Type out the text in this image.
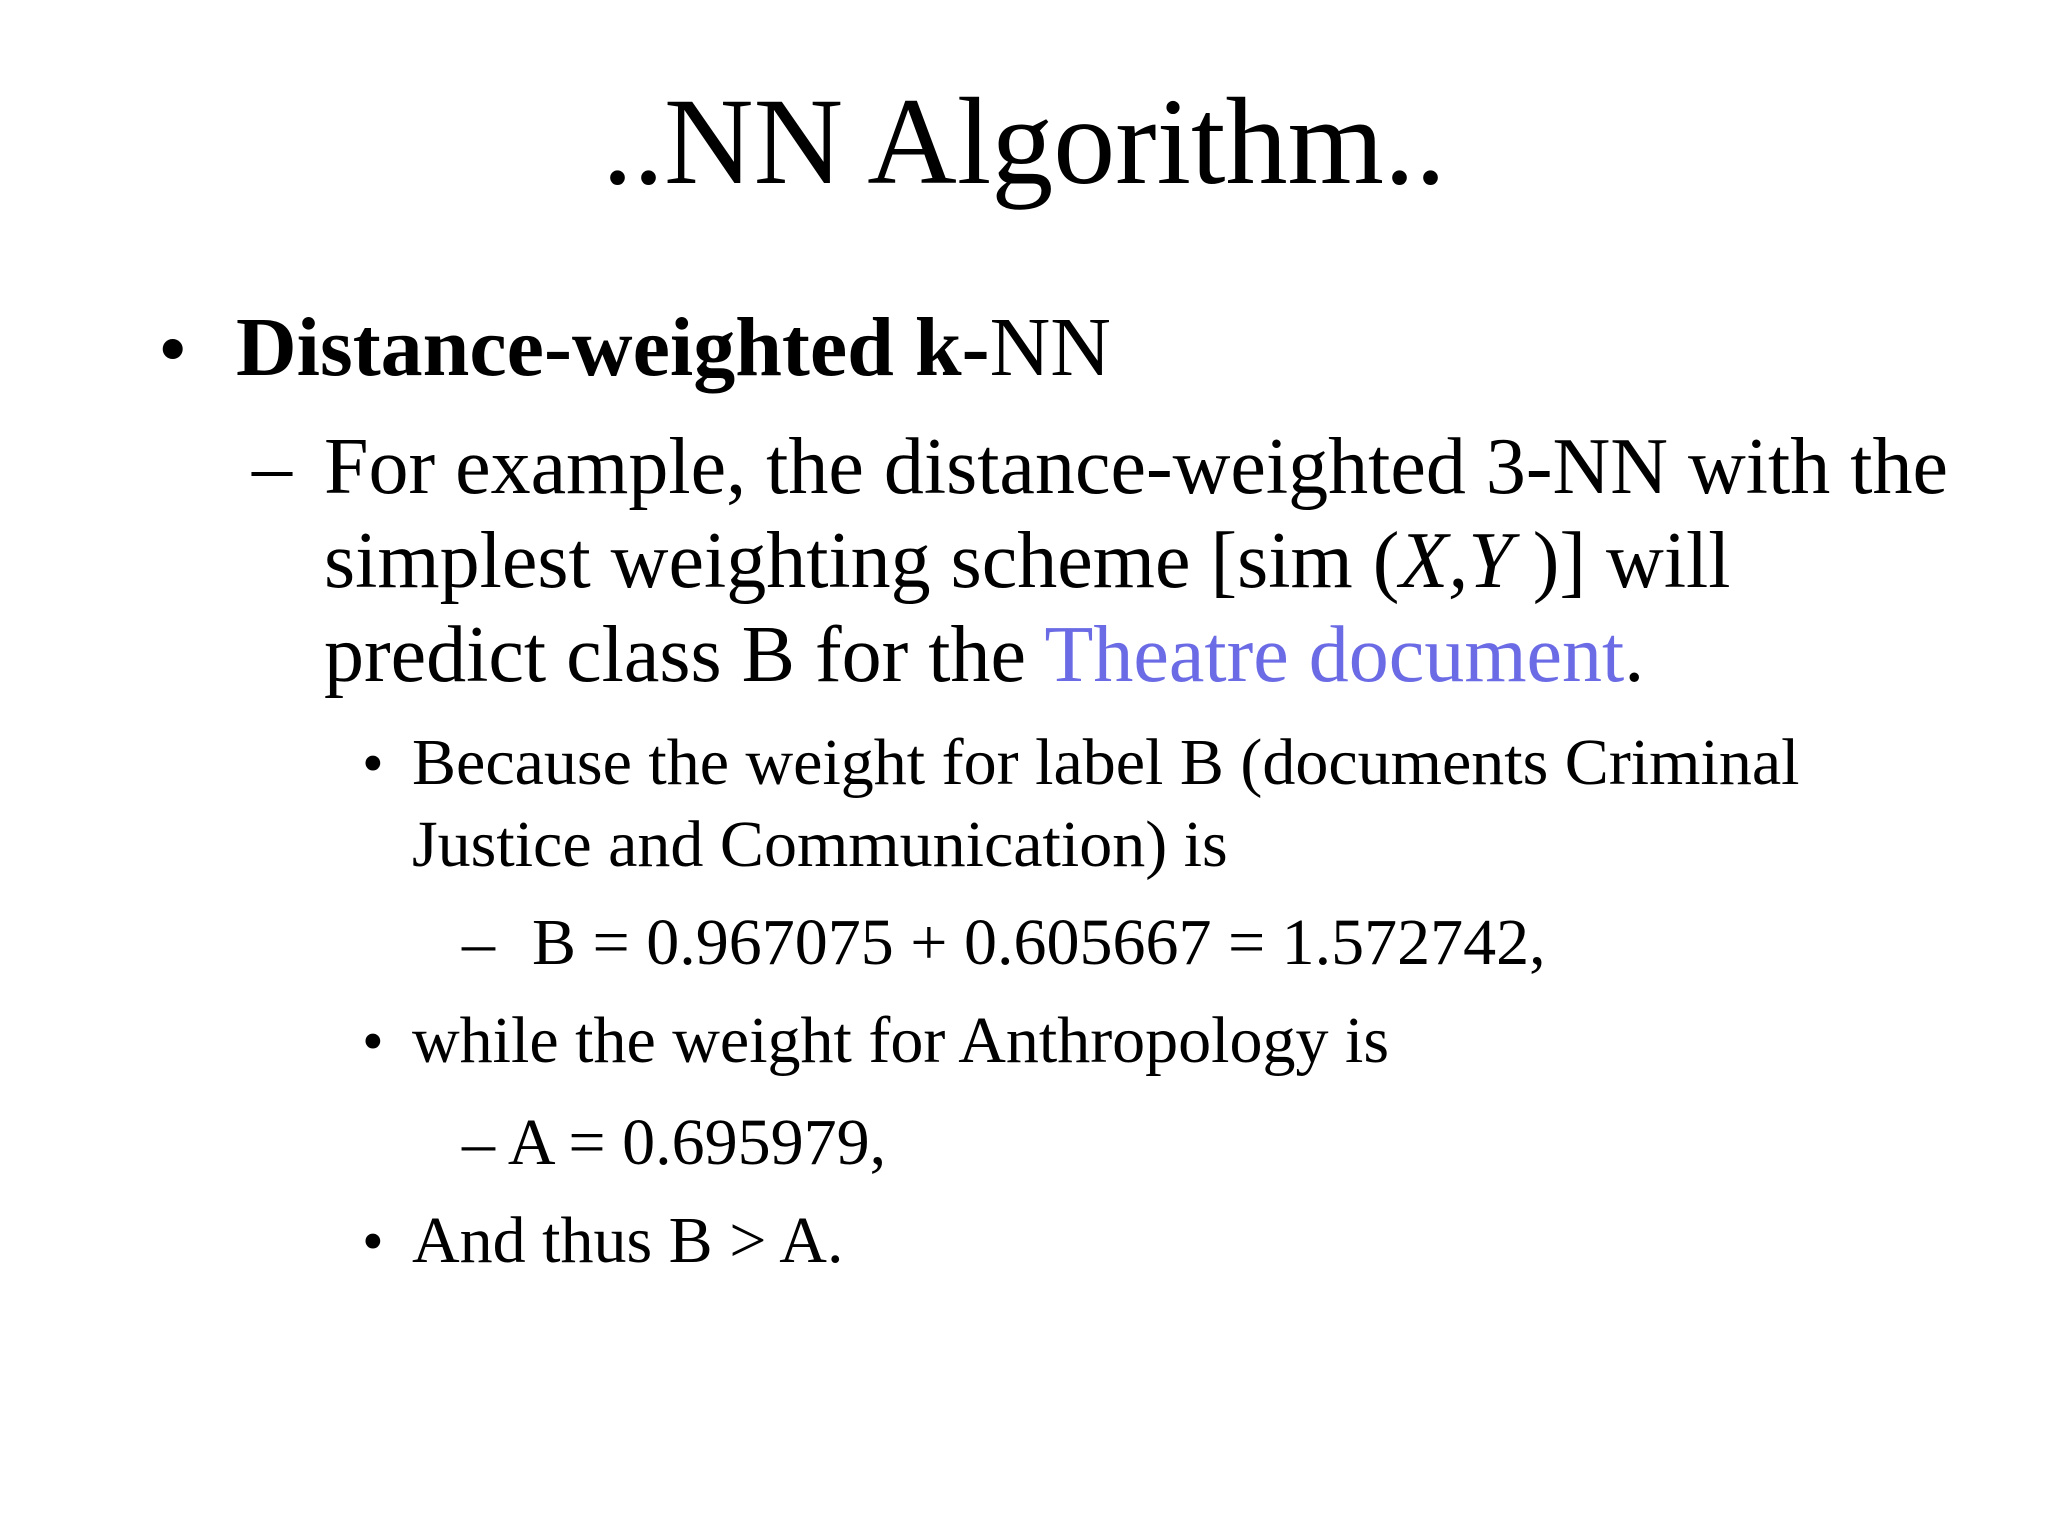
..NN Algorithm..
• Distance-weighted k-NN
– For example, the distance-weighted 3-NN with the
simplest weighting scheme [sim (X,Y )] will
predict class B for the Theatre document.
• Because the weight for label B (documents Criminal
Justice and Communication) is
– B = 0.967075 + 0.605667 = 1.572742,
• while the weight for Anthropology is
– A = 0.695979,
• And thus B > A.
